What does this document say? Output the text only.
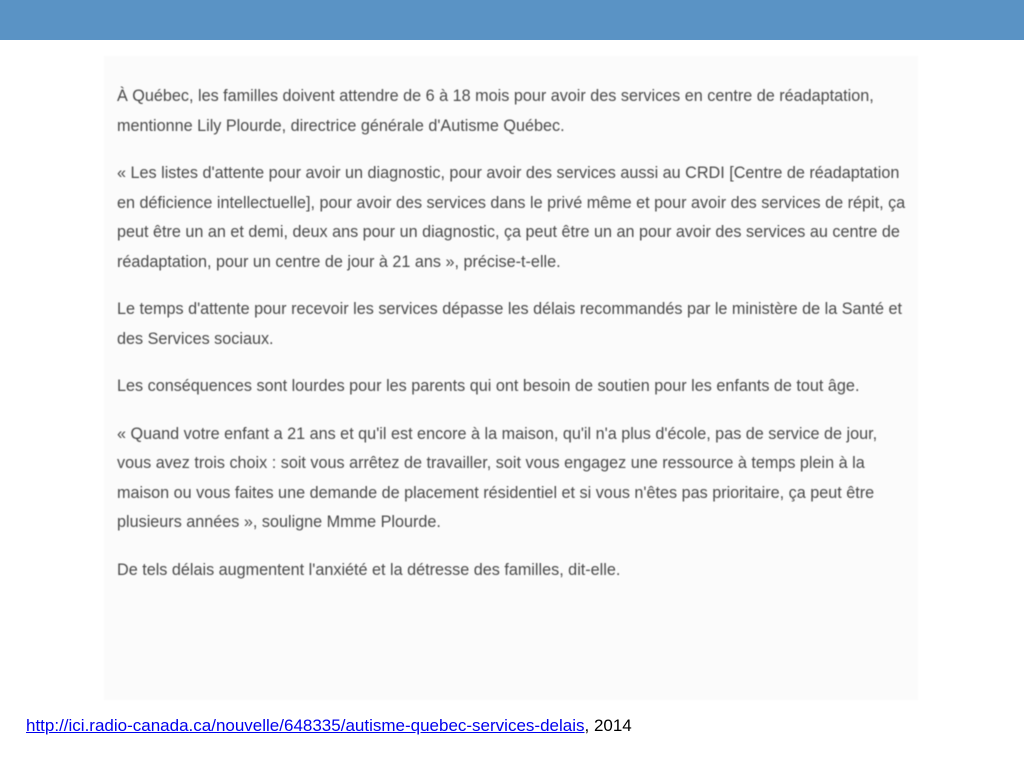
À Québec, les familles doivent attendre de 6 à 18 mois pour avoir des services en centre de réadaptation, mentionne Lily Plourde, directrice générale d'Autisme Québec.

« Les listes d'attente pour avoir un diagnostic, pour avoir des services aussi au CRDI [Centre de réadaptation en déficience intellectuelle], pour avoir des services dans le privé même et pour avoir des services de répit, ça peut être un an et demi, deux ans pour un diagnostic, ça peut être un an pour avoir des services au centre de réadaptation, pour un centre de jour à 21 ans », précise-t-elle.

Le temps d'attente pour recevoir les services dépasse les délais recommandés par le ministère de la Santé et des Services sociaux.

Les conséquences sont lourdes pour les parents qui ont besoin de soutien pour les enfants de tout âge.

« Quand votre enfant a 21 ans et qu'il est encore à la maison, qu'il n'a plus d'école, pas de service de jour, vous avez trois choix : soit vous arrêtez de travailler, soit vous engagez une ressource à temps plein à la maison ou vous faites une demande de placement résidentiel et si vous n'êtes pas prioritaire, ça peut être plusieurs années », souligne Mmme Plourde.

De tels délais augmentent l'anxiété et la détresse des familles, dit-elle.

http://ici.radio-canada.ca/nouvelle/648335/autisme-quebec-services-delais, 2014
